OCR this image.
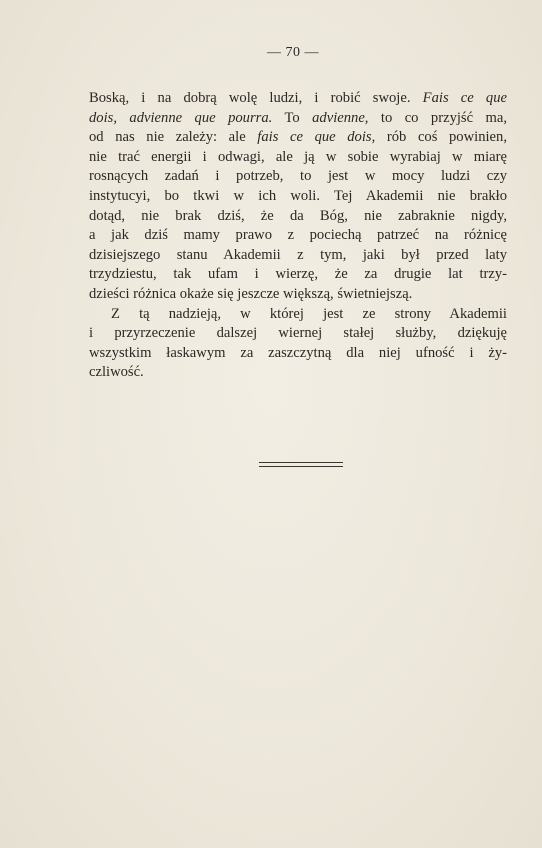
— 70 —
Boską, i na dobrą wolę ludzi, i robić swoje. Fais ce que
dois, advienne que pourra. To advienne, to co przyjść ma,
od nas nie zależy: ale fais ce que dois, rób coś powinien,
nie trać energii i odwagi, ale ją w sobie wyrabiaj w miarę
rosnących zadań i potrzeb, to jest w mocy ludzi czy
instytucyi, bo tkwi w ich woli. Tej Akademii nie brakło
dotąd, nie brak dziś, że da Bóg, nie zabraknie nigdy,
a jak dziś mamy prawo z pociechą patrzeć na różnicę
dzisiejszego stanu Akademii z tym, jaki był przed laty
trzydziestu, tak ufam i wierzę, że za drugie lat trzy-
dzieści różnica okaże się jeszcze większą, świetniejszą.
Z tą nadzieją, w której jest ze strony Akademii
i przyrzeczenie dalszej wiernej stałej służby, dziękuję
wszystkim łaskawym za zaszczytną dla niej ufność i ży-
czliwość.
